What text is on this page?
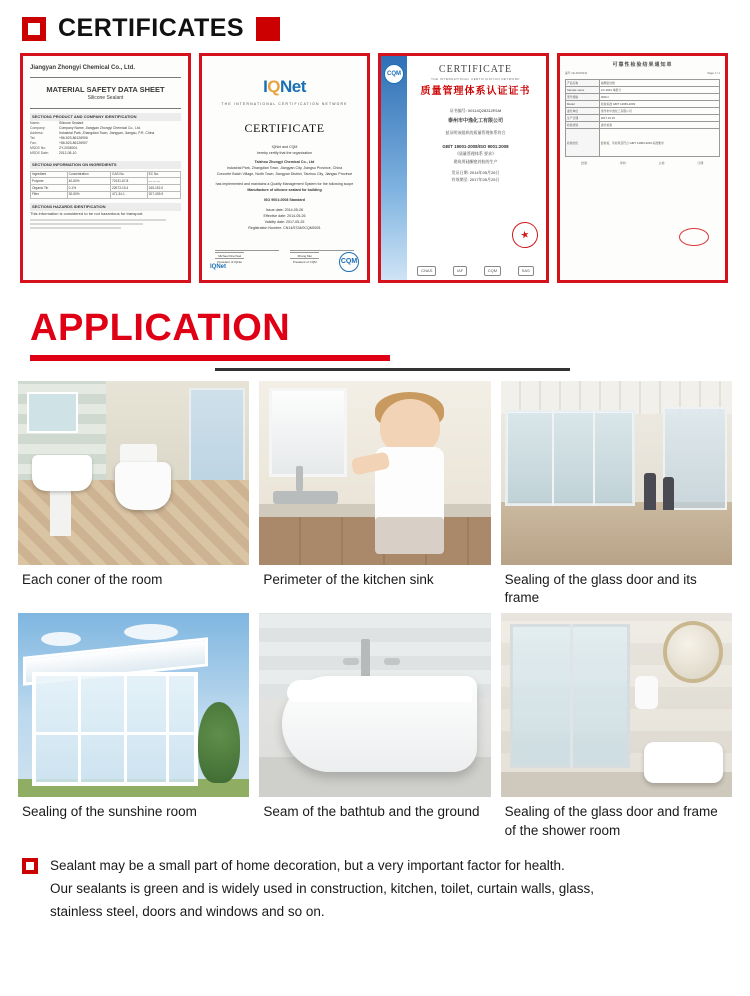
CERTIFICATES
Jiangyan Zhongyi Chemical Co., Ltd.
MATERIAL SAFETY DATA SHEET
Silicone Sealant
SECTION1 PRODUCT AND COMPANY IDENTIFICATION
Name:	Silicone Sealant
Company:	Company Name: Jiangyan Zhongyi Chemical Co., Ltd.
Address:	Industrial Park, Zhangdian Town, Jiangyan, Jiangsu, P.R. China
Tel:	+86-523-86126906
Fax:	+86-523-86126907
MSDS No:	ZY-2008001
MSDS Date:	2012-08-10
SECTION2 INFORMATION ON INGREDIENTS
Ingredient	Concentration	CAS No.	EC No.
Polymer	40-60%	70131-67-8	— — —
Organic Tin	0-1%	22673-19-4	245-152-0
Filler	30-50%	471-34-1	207-439-9
SECTION3 HAZARDS IDENTIFICATION
This information is considered to be not hazardous for transport.
IQNet
THE INTERNATIONAL CERTIFICATION NETWORK
CERTIFICATE
IQNet and CQM
hereby certify that the organization
Taizhou Zhongyi Chemical Co., Ltd
Industrial Park, Zhangdian Town, Jiangyan City, Jiangsu Province, China
Concrete Batch Village, North Town, Jiangyan District, Taizhou City, Jiangsu Province
has implemented and maintains a Quality Management System for the following scope
Manufacture of silicone sealant for building
ISO 9001:2008 Standard
Issue date: 2014-05-26
Effective date: 2014-05-26
Validity date: 2017-05-25
Registration Number: CN14/5728/0CQM0001
Michael Drechsel
President of IQNet
Zhang Mei
President of CQM
IQNet
CQM
CQM	CERTIFICATE
THE INTERNATIONAL CERTIFICATION NETWORK
质量管理体系认证证书
证书编号: 00114Q28312R1M
泰州市中逸化工有限公司
兹证明该组织的质量管理体系符合
GB/T 19001-2008/ISO 9001:2008
《质量管理体系 要求》
建筑用硅酮密封胶的生产
发证日期: 2014年05月26日
有效期至: 2017年05月25日
★
CNAS	IAF	CQM	SAS
可靠性检验结果通知单
编号: No.20170211	Page: 1 / 1
产品名称	硅酮密封胶
Sample name	AC-2001 单组分
型号规格	300ml
Model	检验标准 GB/T 14683-2003
委托单位	泰州市中逸化工有限公司
生产日期	2017.01.15
检验类别	委托检验
检验结论	经检验，所检项目符合 GB/T 14683-2003 标准要求
批准:	审核:	主检:	日期:
APPLICATION
Each coner of the room	Perimeter of the kitchen sink	Sealing of the glass door and its frame
Sealing of the sunshine room	Seam of the bathtub and the ground	Sealing of the glass door and frame of the shower room
Sealant may be a small part of home decoration, but a very important factor for health.
Our sealants is green and is widely used in construction, kitchen, toilet, curtain walls, glass,
stainless steel, doors and windows and so on.
